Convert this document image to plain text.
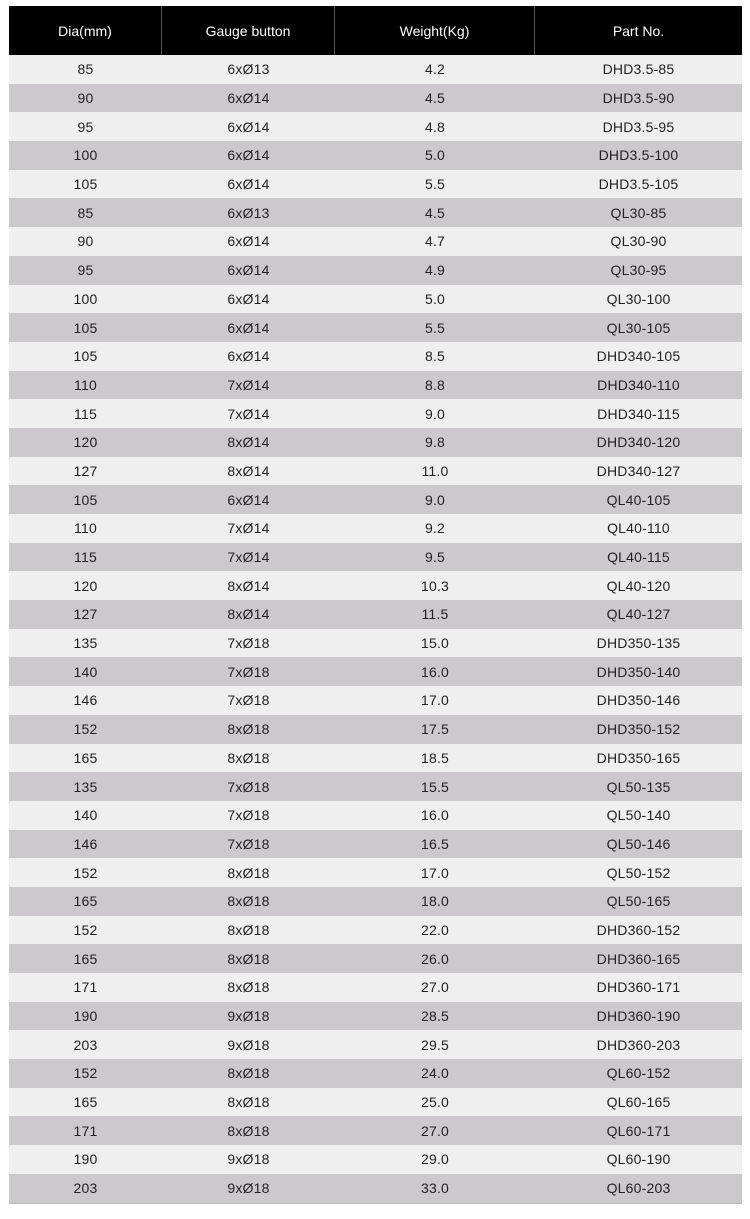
Dia(mm)	Gauge button	Weight(Kg)	Part No.
85	6xØ13	4.2	DHD3.5-85
90	6xØ14	4.5	DHD3.5-90
95	6xØ14	4.8	DHD3.5-95
100	6xØ14	5.0	DHD3.5-100
105	6xØ14	5.5	DHD3.5-105
85	6xØ13	4.5	QL30-85
90	6xØ14	4.7	QL30-90
95	6xØ14	4.9	QL30-95
100	6xØ14	5.0	QL30-100
105	6xØ14	5.5	QL30-105
105	6xØ14	8.5	DHD340-105
110	7xØ14	8.8	DHD340-110
115	7xØ14	9.0	DHD340-115
120	8xØ14	9.8	DHD340-120
127	8xØ14	11.0	DHD340-127
105	6xØ14	9.0	QL40-105
110	7xØ14	9.2	QL40-110
115	7xØ14	9.5	QL40-115
120	8xØ14	10.3	QL40-120
127	8xØ14	11.5	QL40-127
135	7xØ18	15.0	DHD350-135
140	7xØ18	16.0	DHD350-140
146	7xØ18	17.0	DHD350-146
152	8xØ18	17.5	DHD350-152
165	8xØ18	18.5	DHD350-165
135	7xØ18	15.5	QL50-135
140	7xØ18	16.0	QL50-140
146	7xØ18	16.5	QL50-146
152	8xØ18	17.0	QL50-152
165	8xØ18	18.0	QL50-165
152	8xØ18	22.0	DHD360-152
165	8xØ18	26.0	DHD360-165
171	8xØ18	27.0	DHD360-171
190	9xØ18	28.5	DHD360-190
203	9xØ18	29.5	DHD360-203
152	8xØ18	24.0	QL60-152
165	8xØ18	25.0	QL60-165
171	8xØ18	27.0	QL60-171
190	9xØ18	29.0	QL60-190
203	9xØ18	33.0	QL60-203
